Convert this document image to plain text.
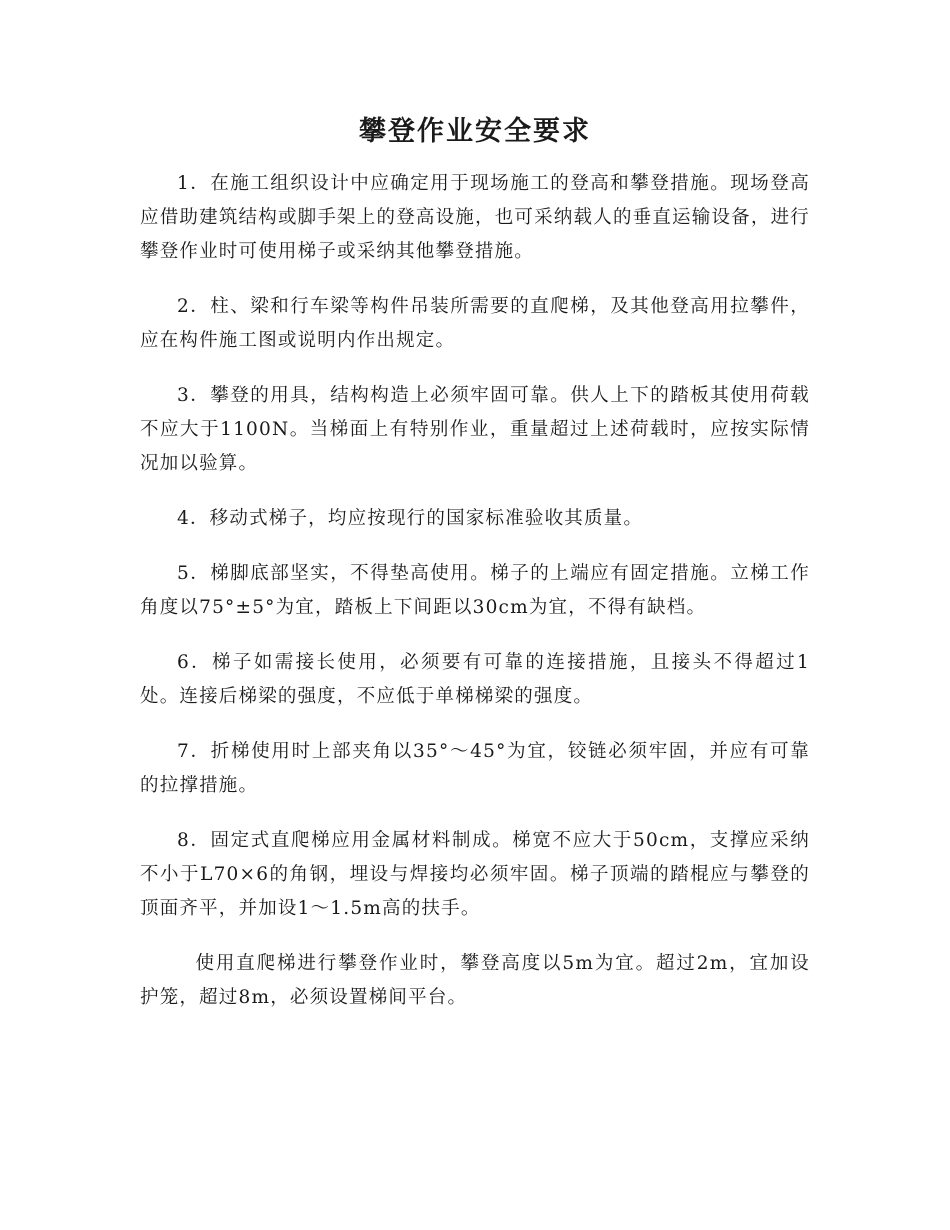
攀登作业安全要求

1．在施工组织设计中应确定用于现场施工的登高和攀登措施。现场登高应借助建筑结构或脚手架上的登高设施，也可采纳载人的垂直运输设备，进行攀登作业时可使用梯子或采纳其他攀登措施。

2．柱、梁和行车梁等构件吊装所需要的直爬梯，及其他登高用拉攀件，应在构件施工图或说明内作出规定。

3．攀登的用具，结构构造上必须牢固可靠。供人上下的踏板其使用荷载不应大于1100N。当梯面上有特别作业，重量超过上述荷载时，应按实际情况加以验算。

4．移动式梯子，均应按现行的国家标准验收其质量。

5．梯脚底部坚实，不得垫高使用。梯子的上端应有固定措施。立梯工作角度以75°±5°为宜，踏板上下间距以30cm为宜，不得有缺档。

6．梯子如需接长使用，必须要有可靠的连接措施，且接头不得超过1处。连接后梯梁的强度，不应低于单梯梯梁的强度。

7．折梯使用时上部夹角以35°～45°为宜，铰链必须牢固，并应有可靠的拉撑措施。

8．固定式直爬梯应用金属材料制成。梯宽不应大于50cm，支撑应采纳不小于L70×6的角钢，埋设与焊接均必须牢固。梯子顶端的踏棍应与攀登的顶面齐平，并加设1～1.5m高的扶手。

使用直爬梯进行攀登作业时，攀登高度以5m为宜。超过2m，宜加设护笼，超过8m，必须设置梯间平台。
